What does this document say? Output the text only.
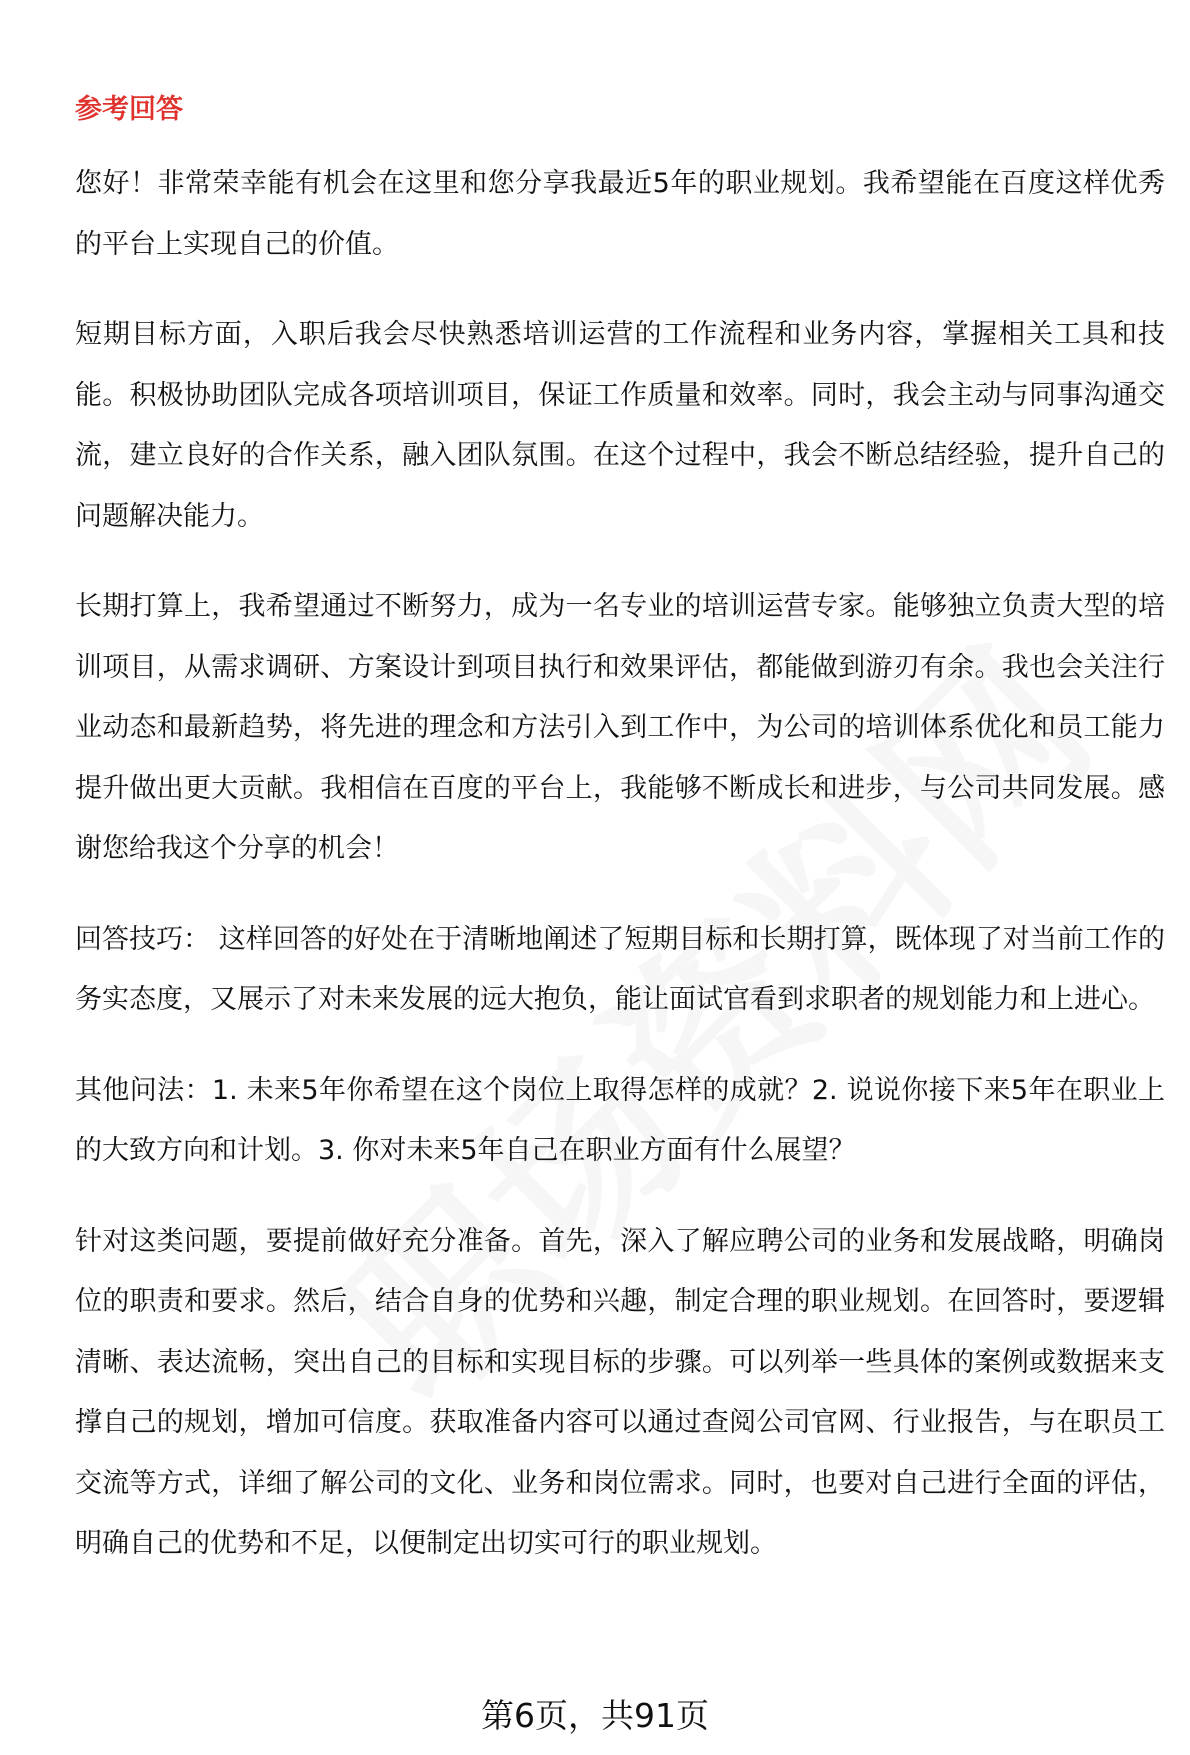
参考回答

您好！非常荣幸能有机会在这里和您分享我最近5年的职业规划。我希望能在百度这样优秀的平台上实现自己的价值。

短期目标方面，入职后我会尽快熟悉培训运营的工作流程和业务内容，掌握相关工具和技能。积极协助团队完成各项培训项目，保证工作质量和效率。同时，我会主动与同事沟通交流，建立良好的合作关系，融入团队氛围。在这个过程中，我会不断总结经验，提升自己的问题解决能力。

长期打算上，我希望通过不断努力，成为一名专业的培训运营专家。能够独立负责大型的培训项目，从需求调研、方案设计到项目执行和效果评估，都能做到游刃有余。我也会关注行业动态和最新趋势，将先进的理念和方法引入到工作中，为公司的培训体系优化和员工能力提升做出更大贡献。我相信在百度的平台上，我能够不断成长和进步，与公司共同发展。感谢您给我这个分享的机会！

回答技巧： 这样回答的好处在于清晰地阐述了短期目标和长期打算，既体现了对当前工作的务实态度，又展示了对未来发展的远大抱负，能让面试官看到求职者的规划能力和上进心。

其他问法：1. 未来5年你希望在这个岗位上取得怎样的成就？2. 说说你接下来5年在职业上的大致方向和计划。3. 你对未来5年自己在职业方面有什么展望？

针对这类问题，要提前做好充分准备。首先，深入了解应聘公司的业务和发展战略，明确岗位的职责和要求。然后，结合自身的优势和兴趣，制定合理的职业规划。在回答时，要逻辑清晰、表达流畅，突出自己的目标和实现目标的步骤。可以列举一些具体的案例或数据来支撑自己的规划，增加可信度。获取准备内容可以通过查阅公司官网、行业报告，与在职员工交流等方式，详细了解公司的文化、业务和岗位需求。同时，也要对自己进行全面的评估，明确自己的优势和不足，以便制定出切实可行的职业规划。

第6页，共91页
